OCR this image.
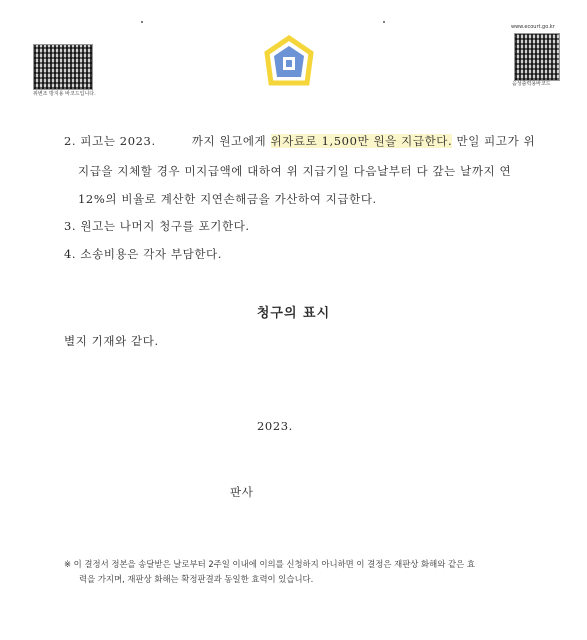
위변조 방지용 바코드입니다.
www.ecourt.go.kr
음성출력용바코드
2. 피고는 2023.	까지 원고에게 위자료로 1,500만 원을 지급한다. 만일 피고가 위
지급을 지체할 경우 미지급액에 대하여 위 지급기일 다음날부터 다 갚는 날까지 연
12%의 비율로 계산한 지연손해금을 가산하여 지급한다.
3. 원고는 나머지 청구를 포기한다.
4. 소송비용은 각자 부담한다.
청구의 표시
별지 기재와 같다.
2023.
판사
※ 이 결정서 정본을 송달받은 날로부터 2주일 이내에 이의를 신청하지 아니하면 이 결정은 재판상 화해와 같은 효
력을 가지며, 재판상 화해는 확정판결과 동일한 효력이 있습니다.
